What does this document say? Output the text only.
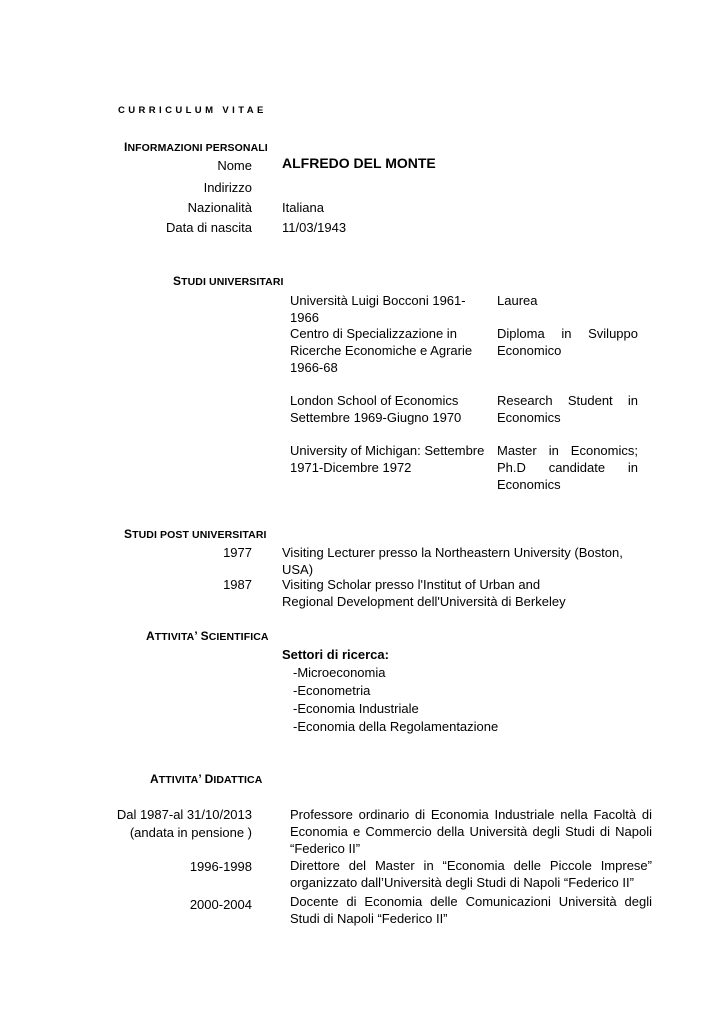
CURRICULUM VITAE
INFORMAZIONI PERSONALI
Nome ALFREDO DEL MONTE
Indirizzo
Nazionalità Italiana
Data di nascita 11/03/1943
STUDI UNIVERSITARI
Università Luigi Bocconi 1961-1966
Laurea
Centro di Specializzazione in Ricerche Economiche e Agrarie 1966-68
Diploma in Sviluppo Economico
London School of Economics Settembre 1969-Giugno 1970
Research Student in Economics
University of Michigan: Settembre 1971-Dicembre 1972
Master in Economics; Ph.D candidate in Economics
STUDI POST UNIVERSITARI
1977 Visiting Lecturer presso la Northeastern University (Boston, USA)
1987 Visiting Scholar presso l'Institut of Urban and Regional Development dell'Università di Berkeley
ATTIVITA’ SCIENTIFICA
Settori di ricerca:
-Microeconomia
-Econometria
-Economia Industriale
-Economia della Regolamentazione
ATTIVITA’ DIDATTICA
Dal 1987-al 31/10/2013
(andata in pensione )
Professore ordinario di Economia Industriale nella Facoltà di Economia e Commercio della Università degli Studi di Napoli “Federico II”
1996-1998	Direttore del Master in “Economia delle Piccole Imprese” organizzato dall’Università degli Studi di Napoli “Federico II”
2000-2004	Docente di Economia delle Comunicazioni Università degli Studi di Napoli “Federico II”
